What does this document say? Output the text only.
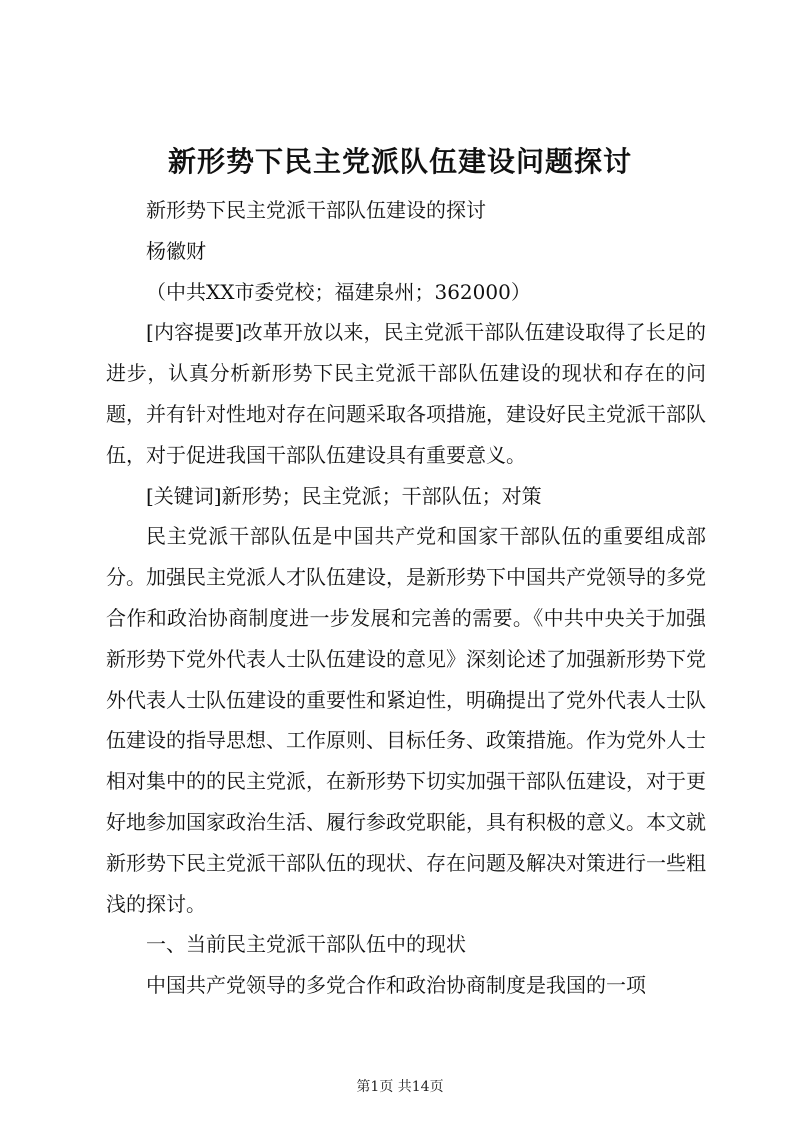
新形势下民主党派队伍建设问题探讨

新形势下民主党派干部队伍建设的探讨

杨徽财

（中共XX市委党校；福建泉州；362000）

[内容提要]改革开放以来，民主党派干部队伍建设取得了长足的进步，认真分析新形势下民主党派干部队伍建设的现状和存在的问题，并有针对性地对存在问题采取各项措施，建设好民主党派干部队伍，对于促进我国干部队伍建设具有重要意义。

[关键词]新形势；民主党派；干部队伍；对策

民主党派干部队伍是中国共产党和国家干部队伍的重要组成部分。加强民主党派人才队伍建设，是新形势下中国共产党领导的多党合作和政治协商制度进一步发展和完善的需要。《中共中央关于加强新形势下党外代表人士队伍建设的意见》深刻论述了加强新形势下党外代表人士队伍建设的重要性和紧迫性，明确提出了党外代表人士队伍建设的指导思想、工作原则、目标任务、政策措施。作为党外人士相对集中的的民主党派，在新形势下切实加强干部队伍建设，对于更好地参加国家政治生活、履行参政党职能，具有积极的意义。本文就新形势下民主党派干部队伍的现状、存在问题及解决对策进行一些粗浅的探讨。

一、当前民主党派干部队伍中的现状

中国共产党领导的多党合作和政治协商制度是我国的一项

第1页 共14页
